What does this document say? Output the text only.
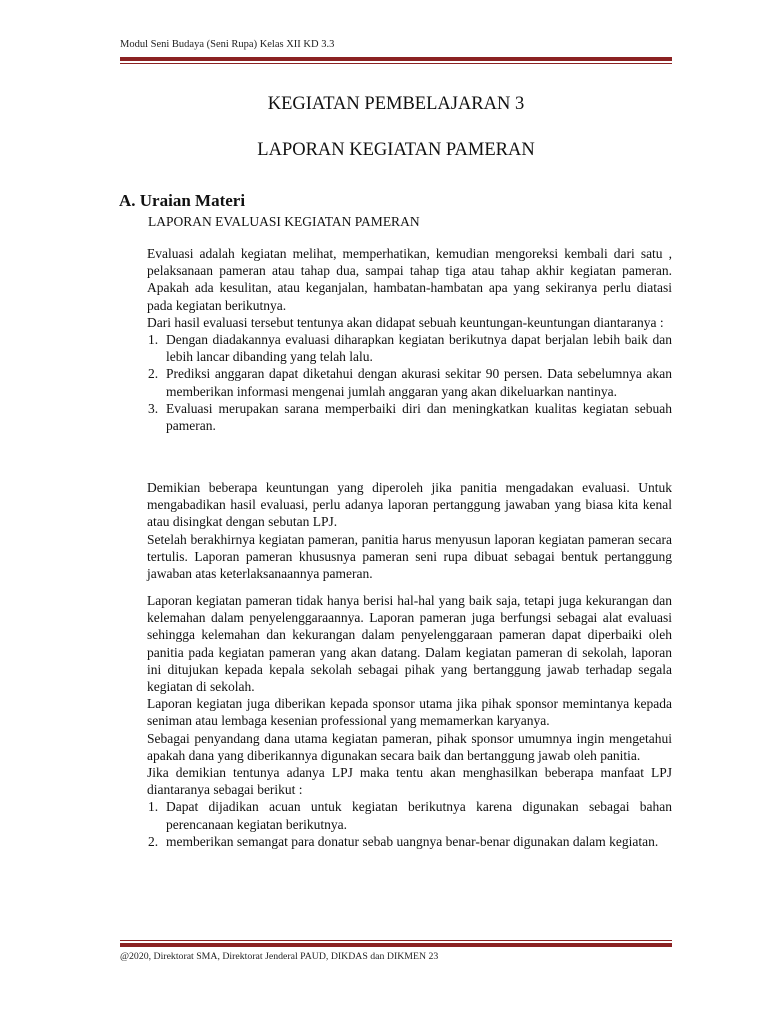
Modul Seni Budaya (Seni Rupa) Kelas XII KD 3.3
KEGIATAN PEMBELAJARAN 3
LAPORAN KEGIATAN PAMERAN
A. Uraian Materi
LAPORAN EVALUASI KEGIATAN PAMERAN

Evaluasi adalah kegiatan melihat, memperhatikan, kemudian mengoreksi kembali dari satu , pelaksanaan pameran atau tahap dua, sampai tahap tiga atau tahap akhir kegiatan pameran. Apakah ada kesulitan, atau keganjalan, hambatan-hambatan apa yang sekiranya perlu diatasi pada kegiatan berikutnya.

Dari hasil evaluasi tersebut tentunya akan didapat sebuah keuntungan-keuntungan diantaranya :

1. Dengan diadakannya evaluasi diharapkan kegiatan berikutnya dapat berjalan lebih baik dan lebih lancar dibanding yang telah lalu.
2. Prediksi anggaran dapat diketahui dengan akurasi sekitar 90 persen. Data sebelumnya akan memberikan informasi mengenai jumlah anggaran yang akan dikeluarkan nantinya.
3. Evaluasi merupakan sarana memperbaiki diri dan meningkatkan kualitas kegiatan sebuah pameran.

Demikian beberapa keuntungan yang diperoleh jika panitia mengadakan evaluasi. Untuk mengabadikan hasil evaluasi, perlu adanya laporan pertanggung jawaban yang biasa kita kenal atau disingkat dengan sebutan LPJ.

Setelah berakhirnya kegiatan pameran, panitia harus menyusun laporan kegiatan pameran secara tertulis. Laporan pameran khususnya pameran seni rupa dibuat sebagai bentuk pertanggung jawaban atas keterlaksanaannya pameran.

Laporan kegiatan pameran tidak hanya berisi hal-hal yang baik saja, tetapi juga kekurangan dan kelemahan dalam penyelenggaraannya. Laporan pameran juga berfungsi sebagai alat evaluasi sehingga kelemahan dan kekurangan dalam penyelenggaraan pameran dapat diperbaiki oleh panitia pada kegiatan pameran yang akan datang. Dalam kegiatan pameran di sekolah, laporan ini ditujukan kepada kepala sekolah sebagai pihak yang bertanggung jawab terhadap segala kegiatan di sekolah.

Laporan kegiatan juga diberikan kepada sponsor utama jika pihak sponsor memintanya kepada seniman atau lembaga kesenian professional yang memamerkan karyanya.

Sebagai penyandang dana utama kegiatan pameran, pihak sponsor umumnya ingin mengetahui apakah dana yang diberikannya digunakan secara baik dan bertanggung jawab oleh panitia.

Jika demikian tentunya adanya LPJ maka tentu akan menghasilkan beberapa manfaat LPJ diantaranya sebagai berikut :

1. Dapat dijadikan acuan untuk kegiatan berikutnya karena digunakan sebagai bahan perencanaan kegiatan berikutnya.
2. memberikan semangat para donatur sebab uangnya benar-benar digunakan dalam kegiatan.
@2020, Direktorat SMA, Direktorat Jenderal PAUD, DIKDAS dan DIKMEN 23
